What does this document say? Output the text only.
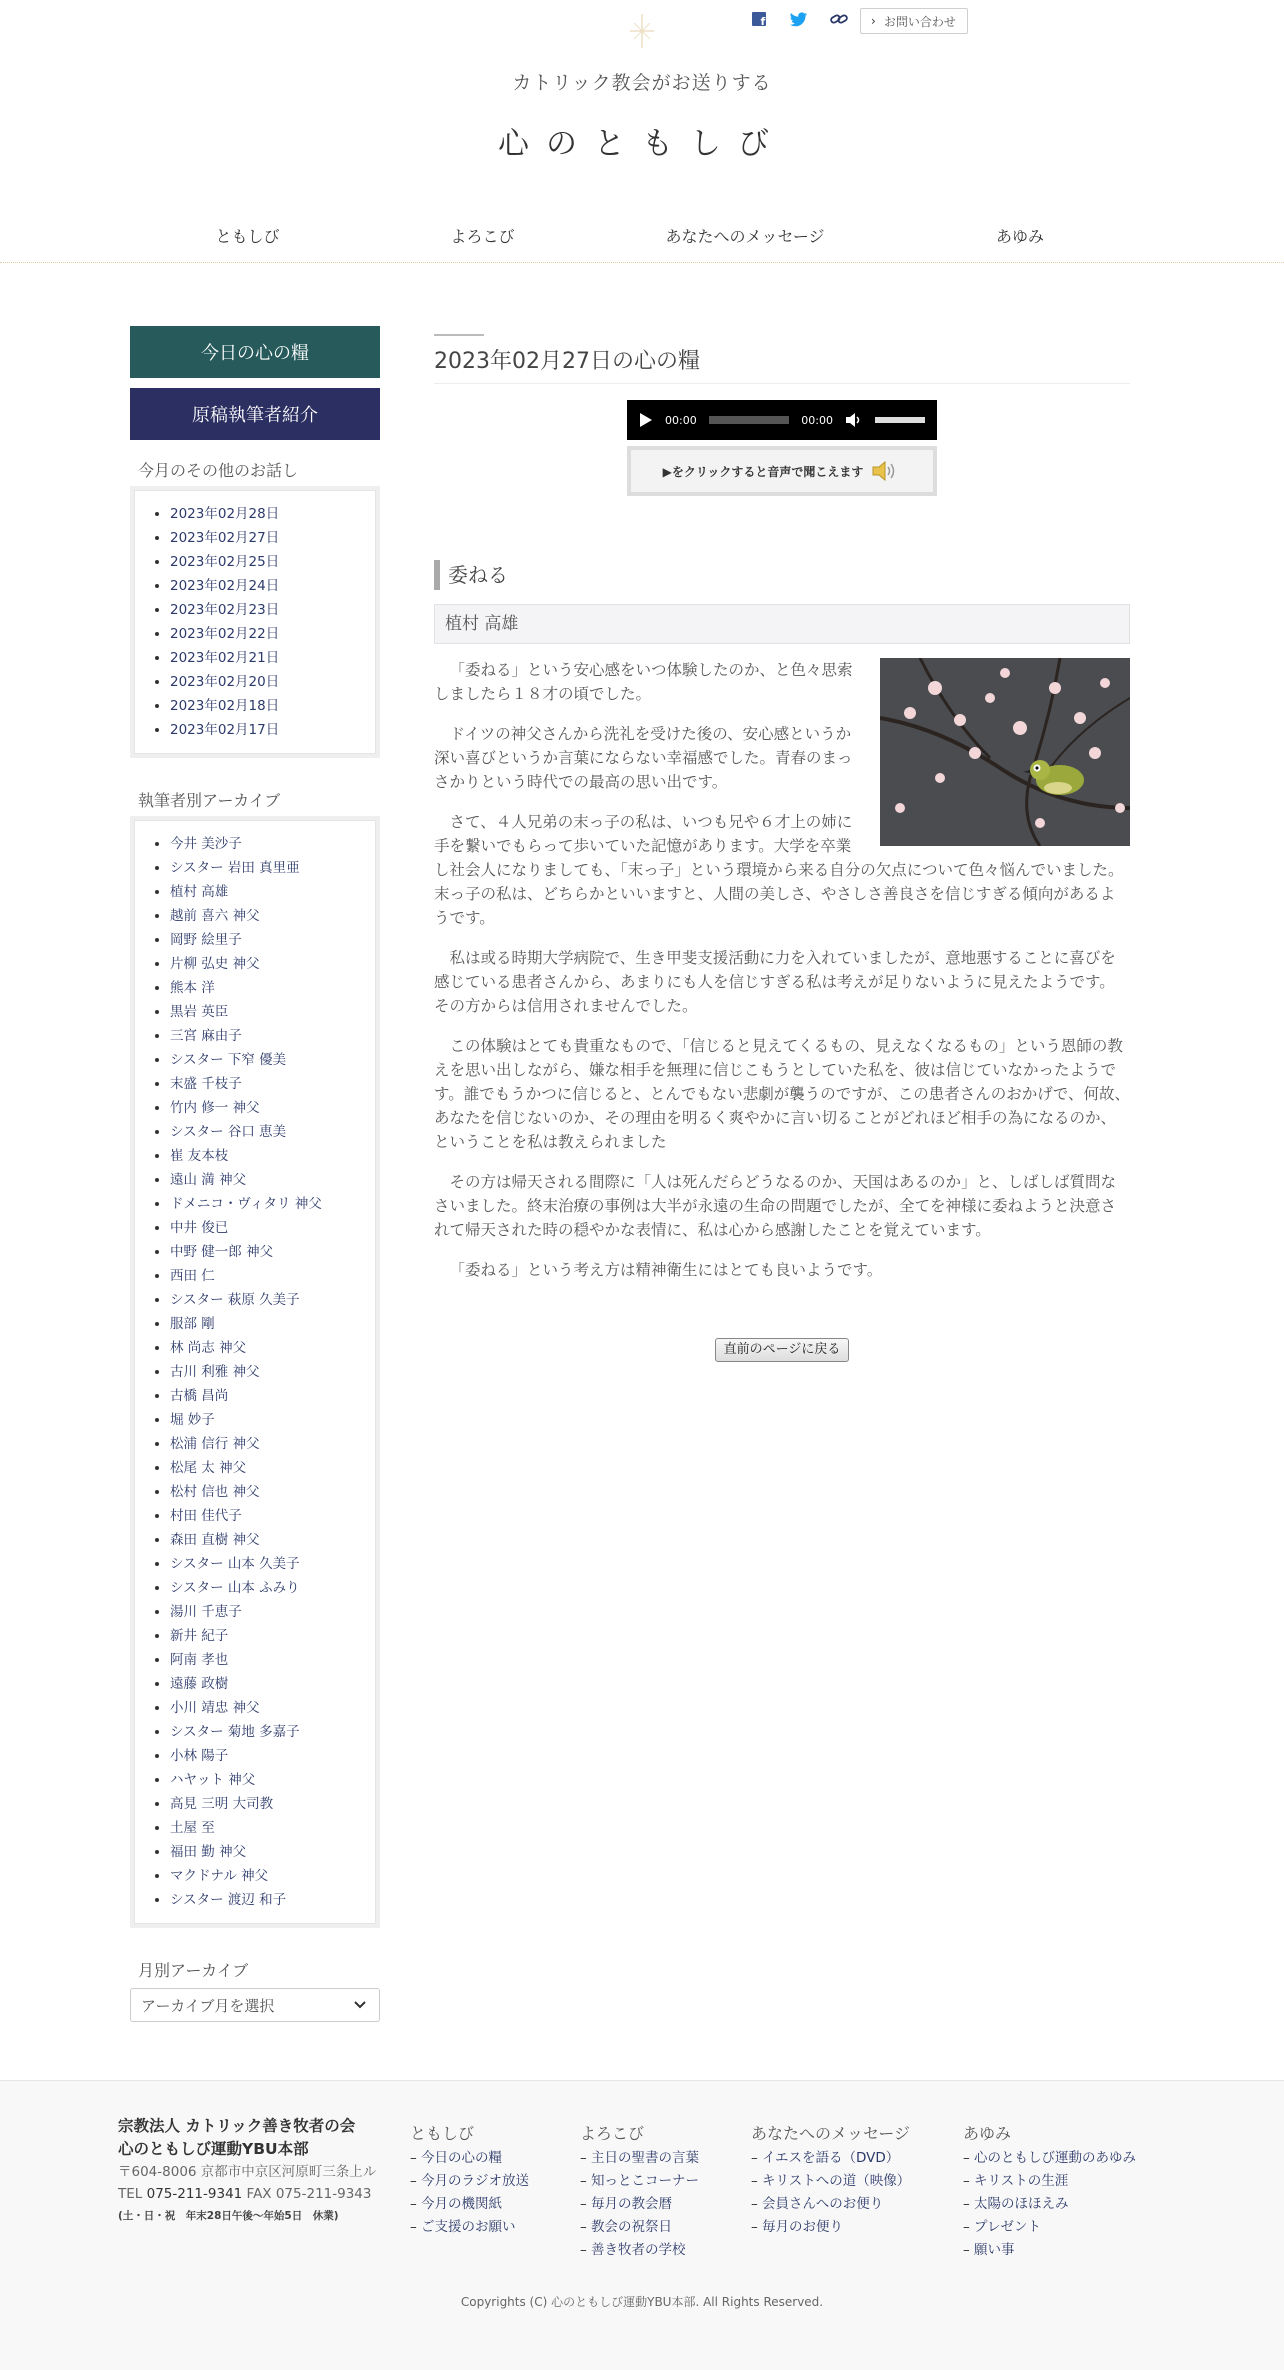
f	› お問い合わせ
カトリック教会がお送りする
心のともしび
ともしび	よろこび	あなたへのメッセージ	あゆみ
今日の心の糧
原稿執筆者紹介
今月のその他のお話し
• 2023年02月28日
• 2023年02月27日
• 2023年02月25日
• 2023年02月24日
• 2023年02月23日
• 2023年02月22日
• 2023年02月21日
• 2023年02月20日
• 2023年02月18日
• 2023年02月17日
執筆者別アーカイブ
• 今井 美沙子
• シスター 岩田 真里亜
• 植村 高雄
• 越前 喜六 神父
• 岡野 絵里子
• 片柳 弘史 神父
• 熊本 洋
• 黒岩 英臣
• 三宮 麻由子
• シスター 下窄 優美
• 末盛 千枝子
• 竹内 修一 神父
• シスター 谷口 恵美
• 崔 友本枝
• 遠山 満 神父
• ドメニコ・ヴィタリ 神父
• 中井 俊已
• 中野 健一郎 神父
• 西田 仁
• シスター 萩原 久美子
• 服部 剛
• 林 尚志 神父
• 古川 利雅 神父
• 古橋 昌尚
• 堀 妙子
• 松浦 信行 神父
• 松尾 太 神父
• 松村 信也 神父
• 村田 佳代子
• 森田 直樹 神父
• シスター 山本 久美子
• シスター 山本 ふみり
• 湯川 千恵子
• 新井 紀子
• 阿南 孝也
• 遠藤 政樹
• 小川 靖忠 神父
• シスター 菊地 多嘉子
• 小林 陽子
• ハヤット 神父
• 高見 三明 大司教
• 土屋 至
• 福田 勤 神父
• マクドナル 神父
• シスター 渡辺 和子
月別アーカイブ
アーカイブ月を選択
2023年02月27日の心の糧
00:00	00:00
▶をクリックすると音声で聞こえます
委ねる
植村 高雄

「委ねる」という安心感をいつ体験したのか、と色々思索しましたら１８才の頃でした。

ドイツの神父さんから洗礼を受けた後の、安心感というか深い喜びというか言葉にならない幸福感でした。青春のまっさかりという時代での最高の思い出です。

さて、４人兄弟の末っ子の私は、いつも兄や６才上の姉に手を繋いでもらって歩いていた記憶があります。大学を卒業し社会人になりましても、「末っ子」という環境から来る自分の欠点について色々悩んでいました。末っ子の私は、どちらかといいますと、人間の美しさ、やさしさ善良さを信じすぎる傾向があるようです。

私は或る時期大学病院で、生き甲斐支援活動に力を入れていましたが、意地悪することに喜びを感じている患者さんから、あまりにも人を信じすぎる私は考えが足りないように見えたようです。その方からは信用されませんでした。

この体験はとても貴重なもので、「信じると見えてくるもの、見えなくなるもの」という恩師の教えを思い出しながら、嫌な相手を無理に信じこもうとしていた私を、彼は信じていなかったようです。誰でもうかつに信じると、とんでもない悲劇が襲うのですが、この患者さんのおかげで、何故、あなたを信じないのか、その理由を明るく爽やかに言い切ることがどれほど相手の為になるのか、ということを私は教えられました

その方は帰天される間際に「人は死んだらどうなるのか、天国はあるのか」と、しばしば質問なさいました。終末治療の事例は大半が永遠の生命の問題でしたが、全てを神様に委ねようと決意されて帰天された時の穏やかな表情に、私は心から感謝したことを覚えています。

「委ねる」という考え方は精神衛生にはとても良いようです。

直前のページに戻る
宗教法人 カトリック善き牧者の会
心のともしび運動YBU本部
〒604-8006 京都市中京区河原町三条上ル
TEL 075-211-9341 FAX 075-211-9343
(土・日・祝　年末28日午後〜年始5日　休業)
ともしび
– 今日の心の糧
– 今月のラジオ放送
– 今月の機関紙
– ご支援のお願い
よろこび
– 主日の聖書の言葉
– 知っとこコーナー
– 毎月の教会暦
– 教会の祝祭日
– 善き牧者の学校
あなたへのメッセージ
– イエスを語る（DVD）
– キリストへの道（映像）
– 会員さんへのお便り
– 毎月のお便り
あゆみ
– 心のともしび運動のあゆみ
– キリストの生涯
– 太陽のほほえみ
– プレゼント
– 願い事
Copyrights (C) 心のともしび運動YBU本部. All Rights Reserved.
